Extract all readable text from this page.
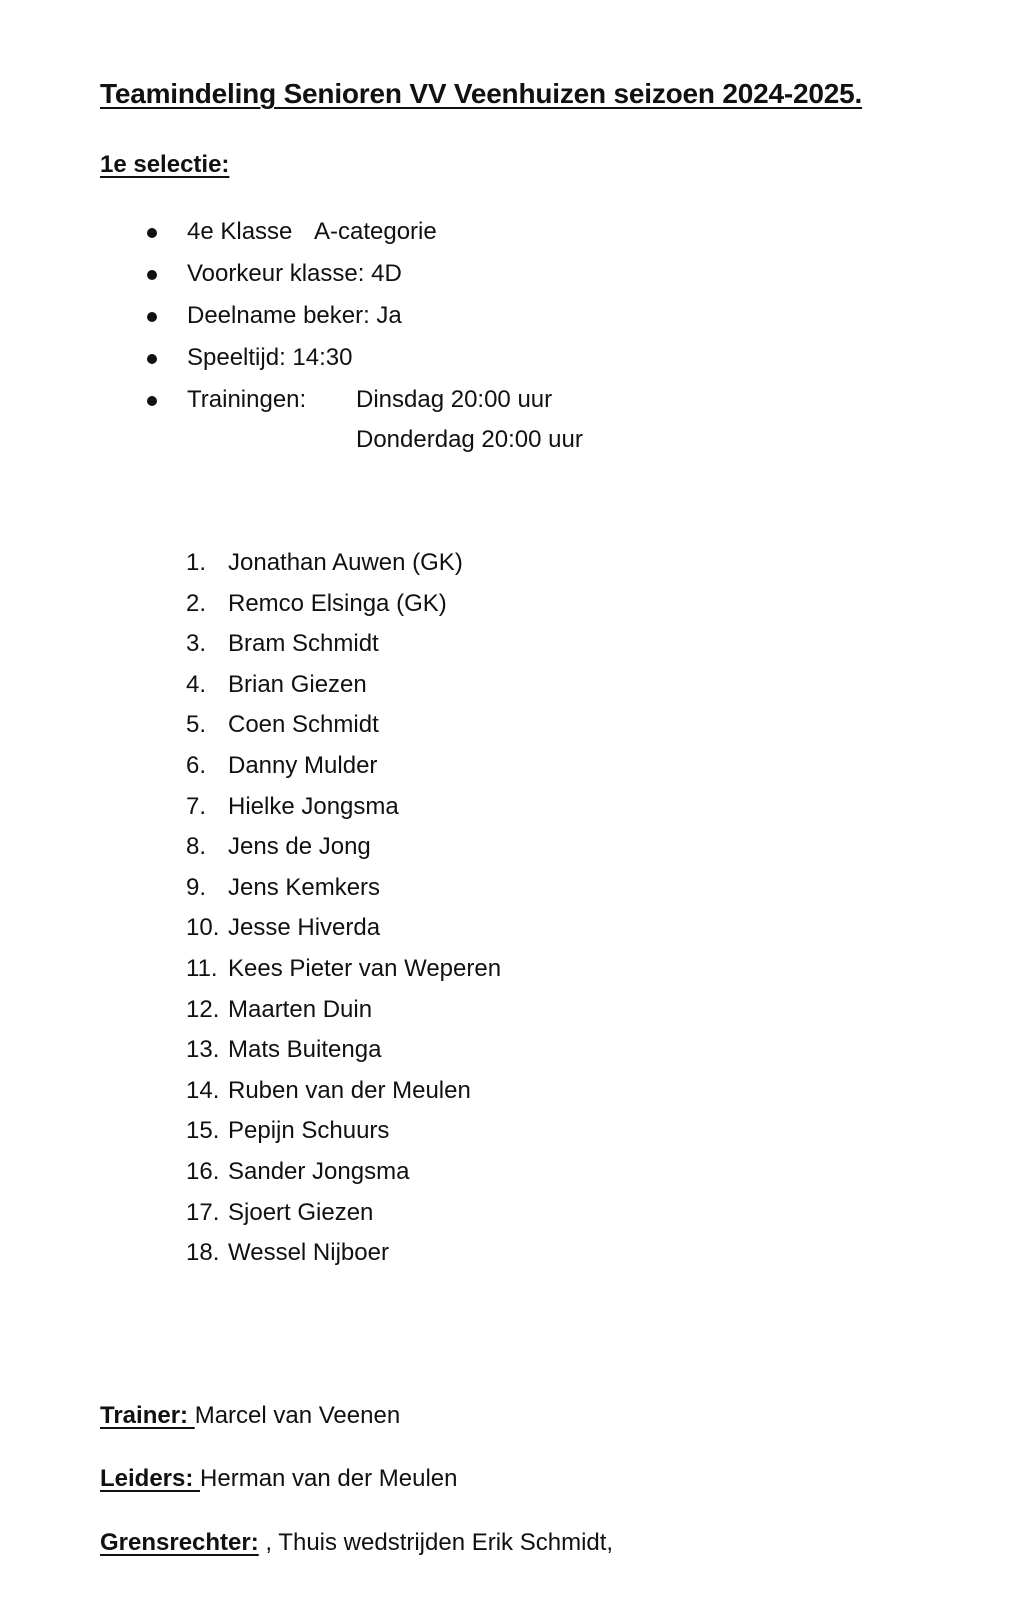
Teamindeling Senioren VV Veenhuizen seizoen 2024-2025.
1e selectie:
4e Klasse A-categorie
Voorkeur klasse: 4D
Deelname beker: Ja
Speeltijd: 14:30
Trainingen: Dinsdag 20:00 uur
Donderdag 20:00 uur
1. Jonathan Auwen (GK)
2. Remco Elsinga (GK)
3. Bram Schmidt
4. Brian Giezen
5. Coen Schmidt
6. Danny Mulder
7. Hielke Jongsma
8. Jens de Jong
9. Jens Kemkers
10. Jesse Hiverda
11. Kees Pieter van Weperen
12. Maarten Duin
13. Mats Buitenga
14. Ruben van der Meulen
15. Pepijn Schuurs
16. Sander Jongsma
17. Sjoert Giezen
18. Wessel Nijboer
Trainer: Marcel van Veenen
Leiders: Herman van der Meulen
Grensrechter: , Thuis wedstrijden Erik Schmidt,
